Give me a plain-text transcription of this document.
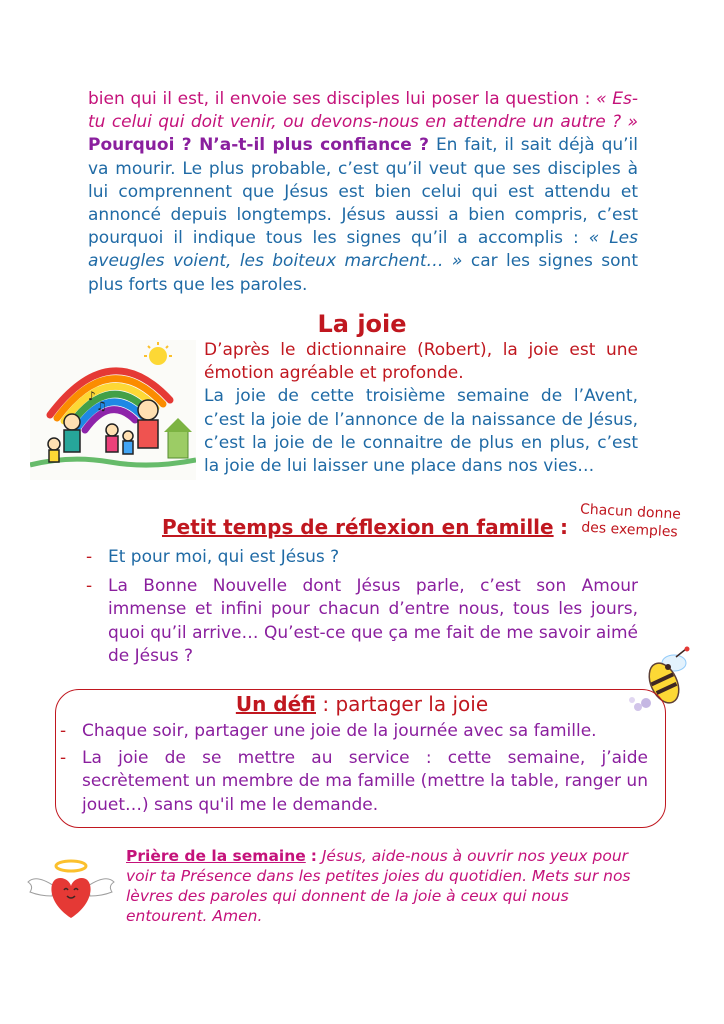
bien qui il est, il envoie ses disciples lui poser la question : « Es-tu celui qui doit venir, ou devons-nous en attendre un autre ? » Pourquoi ? N’a-t-il plus confiance ? En fait, il sait déjà qu’il va mourir. Le plus probable, c’est qu’il veut que ses disciples à lui comprennent que Jésus est bien celui qui est attendu et annoncé depuis longtemps. Jésus aussi a bien compris, c’est pourquoi il indique tous les signes qu’il a accomplis : « Les aveugles voient, les boiteux marchent… » car les signes sont plus forts que les paroles.
La joie
♪
♫
D’après le dictionnaire (Robert), la joie est une émotion agréable et profonde.
La joie de cette troisième semaine de l’Avent, c’est la joie de l’annonce de la naissance de Jésus, c’est la joie de le connaitre de plus en plus, c’est la joie de lui laisser une place dans nos vies…
Petit temps de réflexion en famille :
Chacun donne des exemples
- Et pour moi, qui est Jésus ?
- La Bonne Nouvelle dont Jésus parle, c’est son Amour immense et infini pour chacun d’entre nous, tous les jours, quoi qu’il arrive… Qu’est-ce que ça me fait de me savoir aimé de Jésus ?
Un défi : partager la joie
- Chaque soir, partager une joie de la journée avec sa famille.
- La joie de se mettre au service : cette semaine, j’aide secrètement un membre de ma famille (mettre la table, ranger un jouet…) sans qu'il me le demande.
Prière de la semaine : Jésus, aide-nous à ouvrir nos yeux pour voir ta Présence dans les petites joies du quotidien. Mets sur nos lèvres des paroles qui donnent de la joie à ceux qui nous entourent. Amen.
